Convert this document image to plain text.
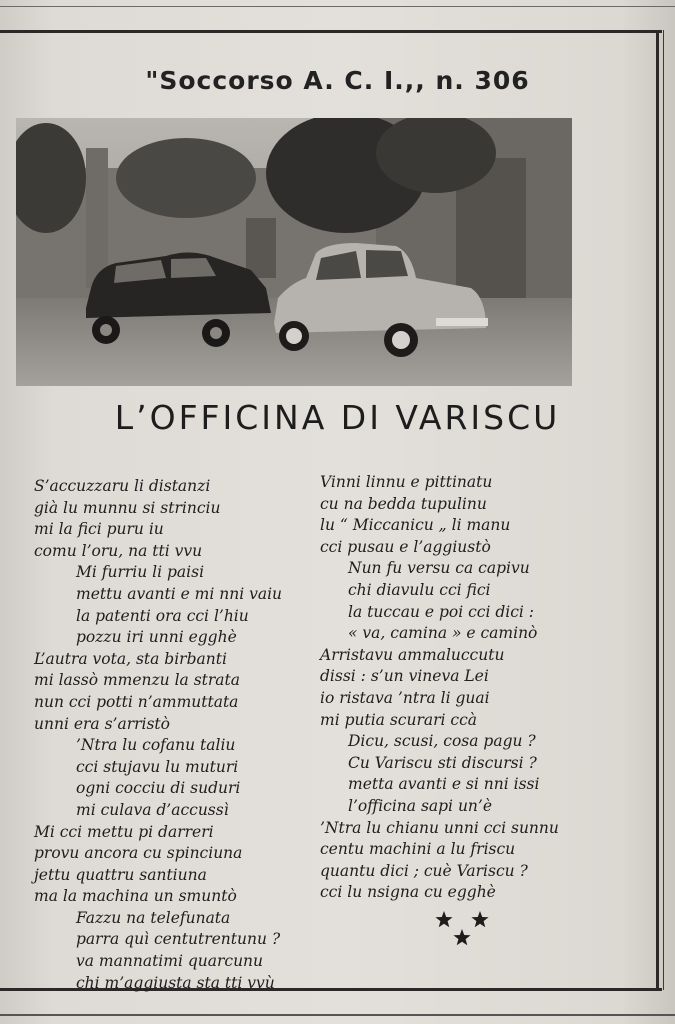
"Soccorso A. C. I.,, n. 306
L’OFFICINA DI VARISCU
S’accuzzaru li distanzi
già lu munnu si strinciu
mi la fici puru iu
comu l’oru, na tti vvu
Mi furriu li paisi
mettu avanti e mi nni vaiu
la patenti ora cci l’hiu
pozzu iri unni egghè
L’autra vota, sta birbanti
mi lassò mmenzu la strata
nun cci potti n’ammuttata
unni era s’arristò
’Ntra lu cofanu taliu
cci stujavu lu muturi
ogni cocciu di suduri
mi culava d’accussì
Mi cci mettu pi darreri
provu ancora cu spinciuna
jettu quattru santiuna
ma la machina un smuntò
Fazzu na telefunata
parra quì centutrentunu ?
va mannatimi quarcunu
chi m’aggiusta sta tti vvù
Vinni linnu e pittinatu
cu na bedda tupulinu
lu “ Miccanicu „ li manu
cci pusau e l’aggiustò
Nun fu versu ca capivu
chi diavulu cci fici
la tuccau e poi cci dici :
« va, camina » e caminò
Arristavu ammaluccutu
dissi : s’un vineva Lei
io ristava ’ntra li guai
mi putia scurari ccà
Dicu, scusi, cosa pagu ?
Cu Variscu sti discursi ?
metta avanti e si nni issi
l’officina sapi un’è
’Ntra lu chianu unni cci sunnu
centu machini a lu friscu
quantu dici ; cuè Variscu ?
cci lu nsigna cu egghè
